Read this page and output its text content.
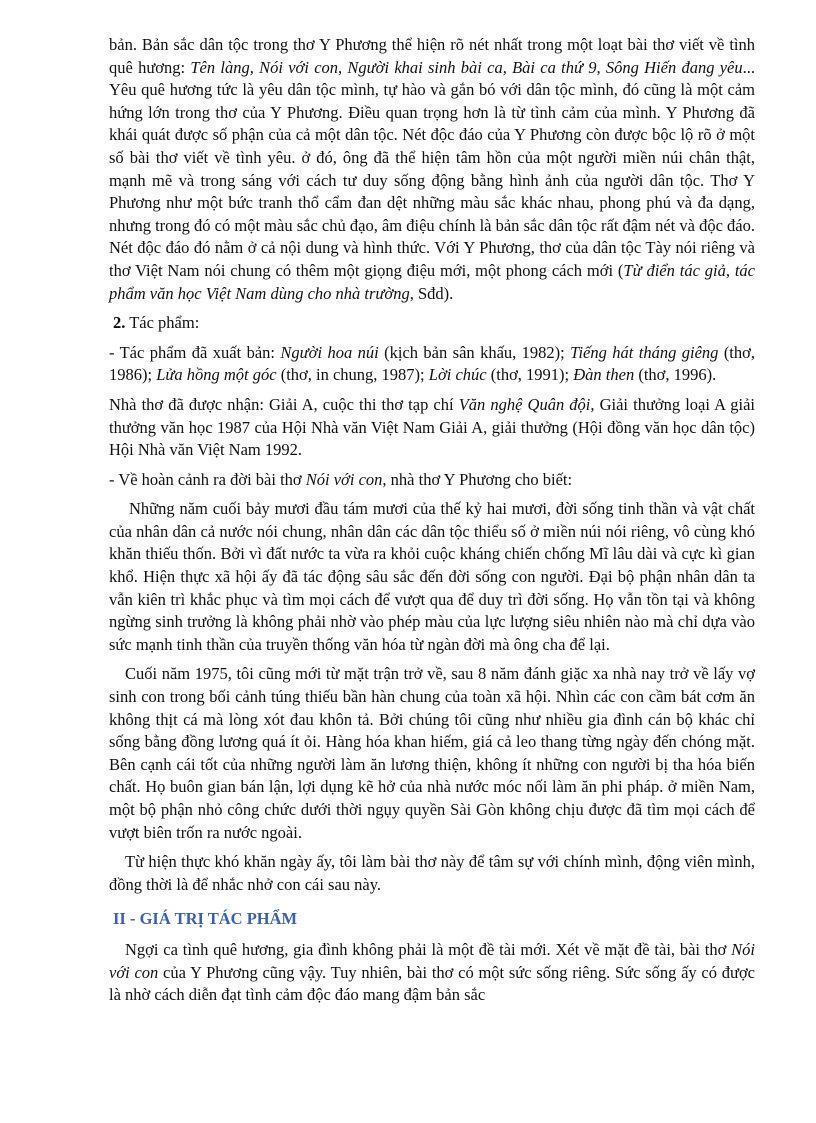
bản. Bản sắc dân tộc trong thơ Y Phương thể hiện rõ nét nhất trong một loạt bài thơ viết về tình quê hương: Tên làng, Nói với con, Người khai sinh bài ca, Bài ca thứ 9, Sông Hiến đang yêu... Yêu quê hương tức là yêu dân tộc mình, tự hào và gắn bó với dân tộc mình, đó cũng là một cảm hứng lớn trong thơ của Y Phương. Điều quan trọng hơn là từ tình cảm của mình. Y Phương đã khái quát được số phận của cả một dân tộc. Nét độc đáo của Y Phương còn được bộc lộ rõ ở một số bài thơ viết về tình yêu. ở đó, ông đã thể hiện tâm hồn của một người miền núi chân thật, mạnh mẽ và trong sáng với cách tư duy sống động bằng hình ảnh của người dân tộc. Thơ Y Phương như một bức tranh thổ cẩm đan dệt những màu sắc khác nhau, phong phú và đa dạng, nhưng trong đó có một màu sắc chủ đạo, âm điệu chính là bản sắc dân tộc rất đậm nét và độc đáo. Nét độc đáo đó nằm ở cả nội dung và hình thức. Với Y Phương, thơ của dân tộc Tày nói riêng và thơ Việt Nam nói chung có thêm một giọng điệu mới, một phong cách mới (Từ điển tác giả, tác phẩm văn học Việt Nam dùng cho nhà trường, Sđd).

2. Tác phẩm:

- Tác phẩm đã xuất bản: Người hoa núi (kịch bản sân khấu, 1982); Tiếng hát tháng giêng (thơ, 1986); Lửa hồng một góc (thơ, in chung, 1987); Lời chúc (thơ, 1991); Đàn then (thơ, 1996).

Nhà thơ đã được nhận: Giải A, cuộc thi thơ tạp chí Văn nghệ Quân đội, Giải thưởng loại A giải thưởng văn học 1987 của Hội Nhà văn Việt Nam Giải A, giải thưởng (Hội đồng văn học dân tộc) Hội Nhà văn Việt Nam 1992.

- Về hoàn cảnh ra đời bài thơ Nói với con, nhà thơ Y Phương cho biết:

Những năm cuối bảy mươi đầu tám mươi của thế kỷ hai mươi, đời sống tinh thần và vật chất của nhân dân cả nước nói chung, nhân dân các dân tộc thiểu số ở miền núi nói riêng, vô cùng khó khăn thiếu thốn. Bởi vì đất nước ta vừa ra khỏi cuộc kháng chiến chống Mĩ lâu dài và cực kì gian khổ. Hiện thực xã hội ấy đã tác động sâu sắc đến đời sống con người. Đại bộ phận nhân dân ta vẫn kiên trì khắc phục và tìm mọi cách để vượt qua để duy trì đời sống. Họ vẫn tồn tại và không ngừng sinh trưởng là không phải nhờ vào phép màu của lực lượng siêu nhiên nào mà chỉ dựa vào sức mạnh tinh thần của truyền thống văn hóa từ ngàn đời mà ông cha để lại.

Cuối năm 1975, tôi cũng mới từ mặt trận trở về, sau 8 năm đánh giặc xa nhà nay trở về lấy vợ sinh con trong bối cảnh túng thiếu bần hàn chung của toàn xã hội. Nhìn các con cầm bát cơm ăn không thịt cá mà lòng xót đau khôn tả. Bởi chúng tôi cũng như nhiều gia đình cán bộ khác chỉ sống bằng đồng lương quá ít ỏi. Hàng hóa khan hiếm, giá cả leo thang từng ngày đến chóng mặt. Bên cạnh cái tốt của những người làm ăn lương thiện, không ít những con người bị tha hóa biến chất. Họ buôn gian bán lận, lợi dụng kẽ hở của nhà nước móc nối làm ăn phi pháp. ở miền Nam, một bộ phận nhỏ công chức dưới thời ngụy quyền Sài Gòn không chịu được đã tìm mọi cách để vượt biên trốn ra nước ngoài.

Từ hiện thực khó khăn ngày ấy, tôi làm bài thơ này để tâm sự với chính mình, động viên mình, đồng thời là để nhắc nhở con cái sau này.

II - GIÁ TRỊ TÁC PHẨM

Ngợi ca tình quê hương, gia đình không phải là một đề tài mới. Xét về mặt đề tài, bài thơ Nói với con của Y Phương cũng vậy. Tuy nhiên, bài thơ có một sức sống riêng. Sức sống ấy có được là nhờ cách diễn đạt tình cảm độc đáo mang đậm bản sắc
